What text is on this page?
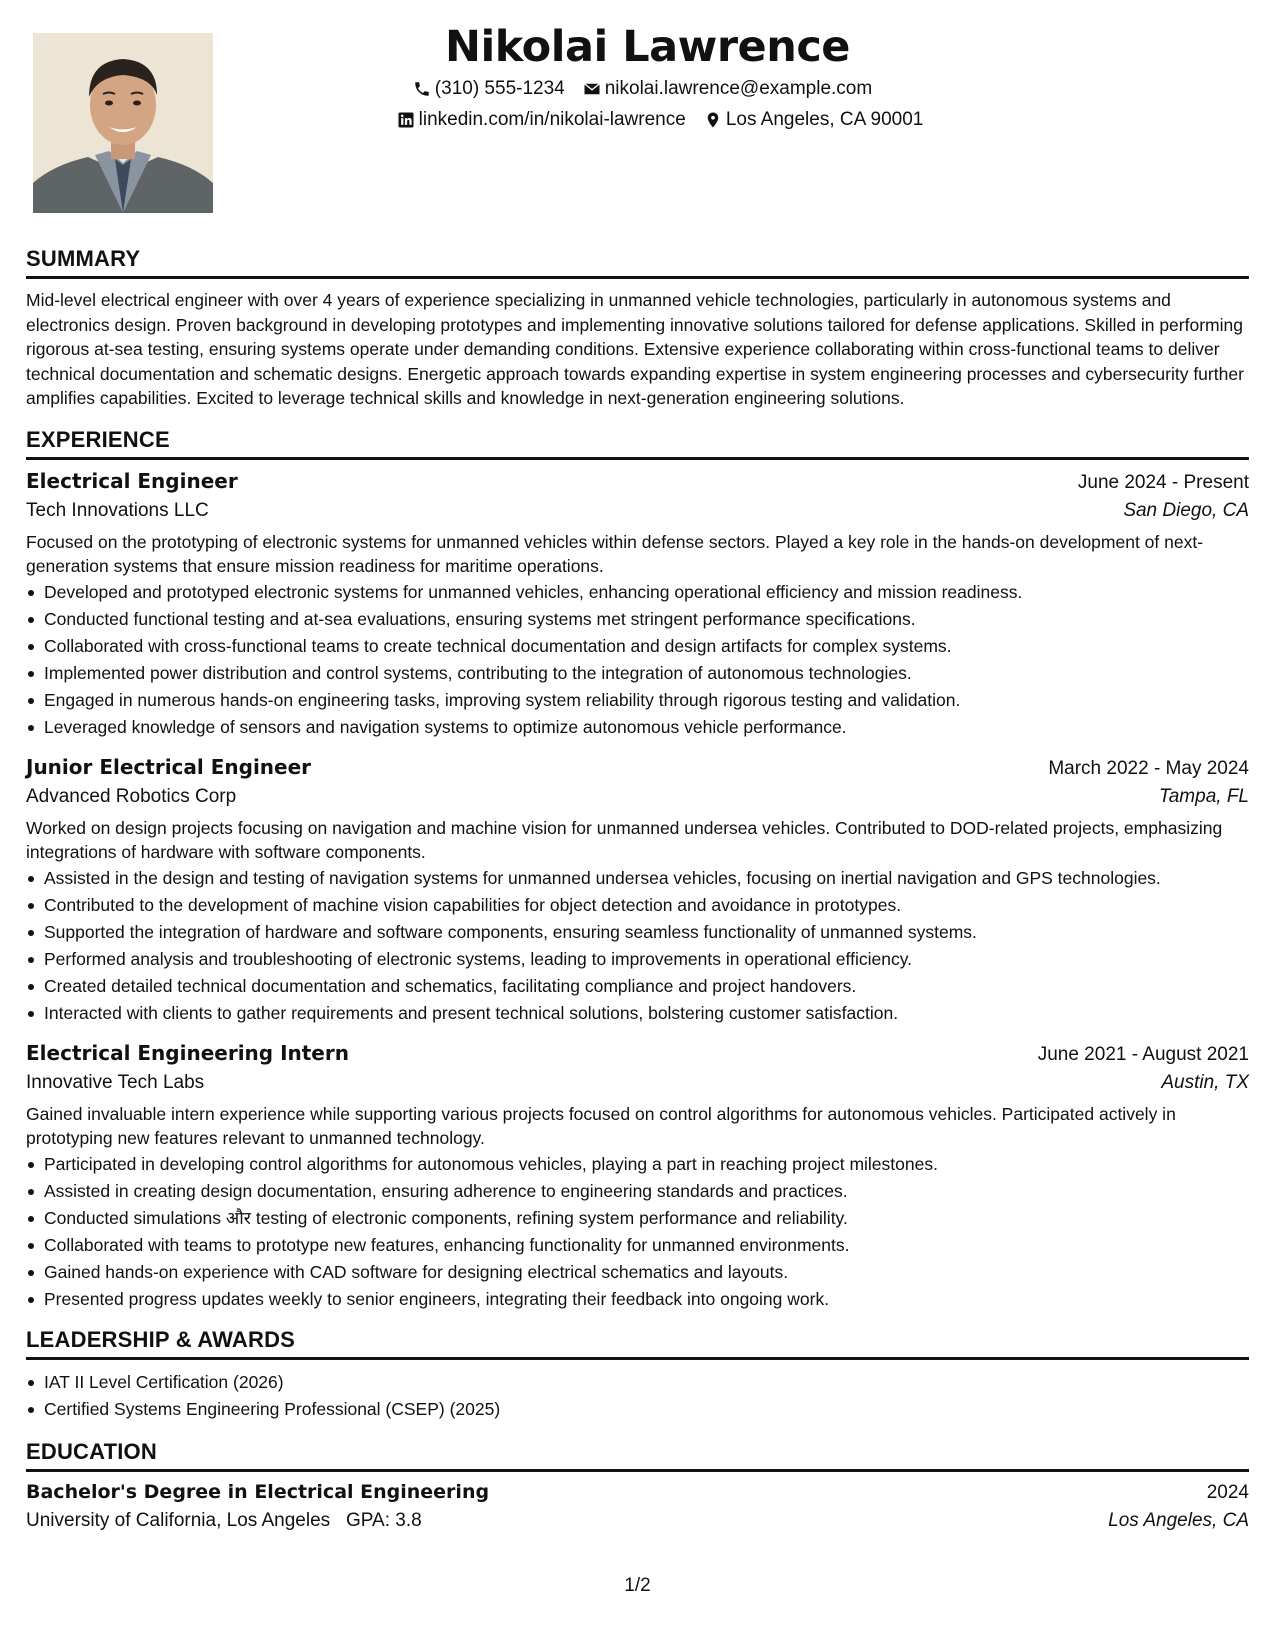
Nikolai Lawrence
(310) 555-1234 nikolai.lawrence@example.com
linkedin.com/in/nikolai-lawrence Los Angeles, CA 90001
SUMMARY
Mid-level electrical engineer with over 4 years of experience specializing in unmanned vehicle technologies, particularly in autonomous systems and electronics design. Proven background in developing prototypes and implementing innovative solutions tailored for defense applications. Skilled in performing rigorous at-sea testing, ensuring systems operate under demanding conditions. Extensive experience collaborating within cross-functional teams to deliver technical documentation and schematic designs. Energetic approach towards expanding expertise in system engineering processes and cybersecurity further amplifies capabilities. Excited to leverage technical skills and knowledge in next-generation engineering solutions.
EXPERIENCE
Electrical Engineer	June 2024 - Present
Tech Innovations LLC	San Diego, CA
Focused on the prototyping of electronic systems for unmanned vehicles within defense sectors. Played a key role in the hands-on development of next-generation systems that ensure mission readiness for maritime operations.
Developed and prototyped electronic systems for unmanned vehicles, enhancing operational efficiency and mission readiness.
Conducted functional testing and at-sea evaluations, ensuring systems met stringent performance specifications.
Collaborated with cross-functional teams to create technical documentation and design artifacts for complex systems.
Implemented power distribution and control systems, contributing to the integration of autonomous technologies.
Engaged in numerous hands-on engineering tasks, improving system reliability through rigorous testing and validation.
Leveraged knowledge of sensors and navigation systems to optimize autonomous vehicle performance.
Junior Electrical Engineer	March 2022 - May 2024
Advanced Robotics Corp	Tampa, FL
Worked on design projects focusing on navigation and machine vision for unmanned undersea vehicles. Contributed to DOD-related projects, emphasizing integrations of hardware with software components.
Assisted in the design and testing of navigation systems for unmanned undersea vehicles, focusing on inertial navigation and GPS technologies.
Contributed to the development of machine vision capabilities for object detection and avoidance in prototypes.
Supported the integration of hardware and software components, ensuring seamless functionality of unmanned systems.
Performed analysis and troubleshooting of electronic systems, leading to improvements in operational efficiency.
Created detailed technical documentation and schematics, facilitating compliance and project handovers.
Interacted with clients to gather requirements and present technical solutions, bolstering customer satisfaction.
Electrical Engineering Intern	June 2021 - August 2021
Innovative Tech Labs	Austin, TX
Gained invaluable intern experience while supporting various projects focused on control algorithms for autonomous vehicles. Participated actively in prototyping new features relevant to unmanned technology.
Participated in developing control algorithms for autonomous vehicles, playing a part in reaching project milestones.
Assisted in creating design documentation, ensuring adherence to engineering standards and practices.
Conducted simulations और testing of electronic components, refining system performance and reliability.
Collaborated with teams to prototype new features, enhancing functionality for unmanned environments.
Gained hands-on experience with CAD software for designing electrical schematics and layouts.
Presented progress updates weekly to senior engineers, integrating their feedback into ongoing work.
LEADERSHIP & AWARDS
IAT II Level Certification (2026)
Certified Systems Engineering Professional (CSEP) (2025)
EDUCATION
Bachelor's Degree in Electrical Engineering	2024
University of California, Los Angeles GPA: 3.8	Los Angeles, CA
1/2
